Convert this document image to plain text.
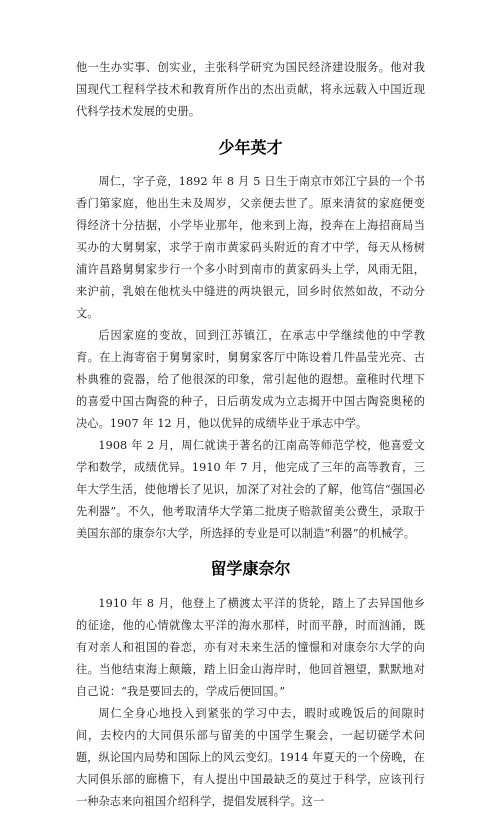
他一生办实事、创实业，主张科学研究为国民经济建设服务。他对我国现代工程科学技术和教育所作出的杰出贡献，将永远载入中国近现代科学技术发展的史册。

少年英才

周仁，字子竞，1892 年 8 月 5 日生于南京市郊江宁县的一个书香门第家庭，他出生未及周岁，父亲便去世了。原来清贫的家庭便变得经济十分拮据，小学毕业那年，他来到上海，投奔在上海招商局当买办的大舅舅家，求学于南市黄家码头附近的育才中学，每天从杨树浦许昌路舅舅家步行一个多小时到南市的黄家码头上学，风雨无阻，来沪前，乳娘在他枕头中缝进的两块银元，回乡时依然如故，不动分文。

后因家庭的变故，回到江苏镇江，在承志中学继续他的中学教育。在上海寄宿于舅舅家时，舅舅家客厅中陈设着几件晶莹光亮、古朴典雅的瓷器，给了他很深的印象，常引起他的遐想。童稚时代埋下的喜爱中国古陶瓷的种子，日后萌发成为立志揭开中国古陶瓷奥秘的决心。1907 年 12 月，他以优异的成绩毕业于承志中学。

1908 年 2 月，周仁就读于著名的江南高等师范学校，他喜爱文学和数学，成绩优异。1910 年 7 月，他完成了三年的高等教育，三年大学生活，使他增长了见识，加深了对社会的了解，他笃信“强国必先利器”。不久，他考取清华大学第二批庚子赔款留美公费生，录取于美国东部的康奈尔大学，所选择的专业是可以制造“利器”的机械学。

留学康奈尔

1910 年 8 月，他登上了横渡太平洋的货轮，踏上了去异国他乡的征途，他的心情就像太平洋的海水那样，时而平静，时而汹涌，既有对亲人和祖国的眷恋，亦有对未来生活的憧憬和对康奈尔大学的向往。当他结束海上颠簸，踏上旧金山海岸时，他回首翘望，默默地对自己说：“我是要回去的，学成后便回国。”

周仁全身心地投入到紧张的学习中去，暇时或晚饭后的间隙时间，去校内的大同俱乐部与留美的中国学生聚会，一起切磋学术问题，纵论国内局势和国际上的风云变幻。1914 年夏天的一个傍晚，在大同俱乐部的廊檐下，有人提出中国最缺乏的莫过于科学，应该刊行一种杂志来向祖国介绍科学，提倡发展科学。这一
